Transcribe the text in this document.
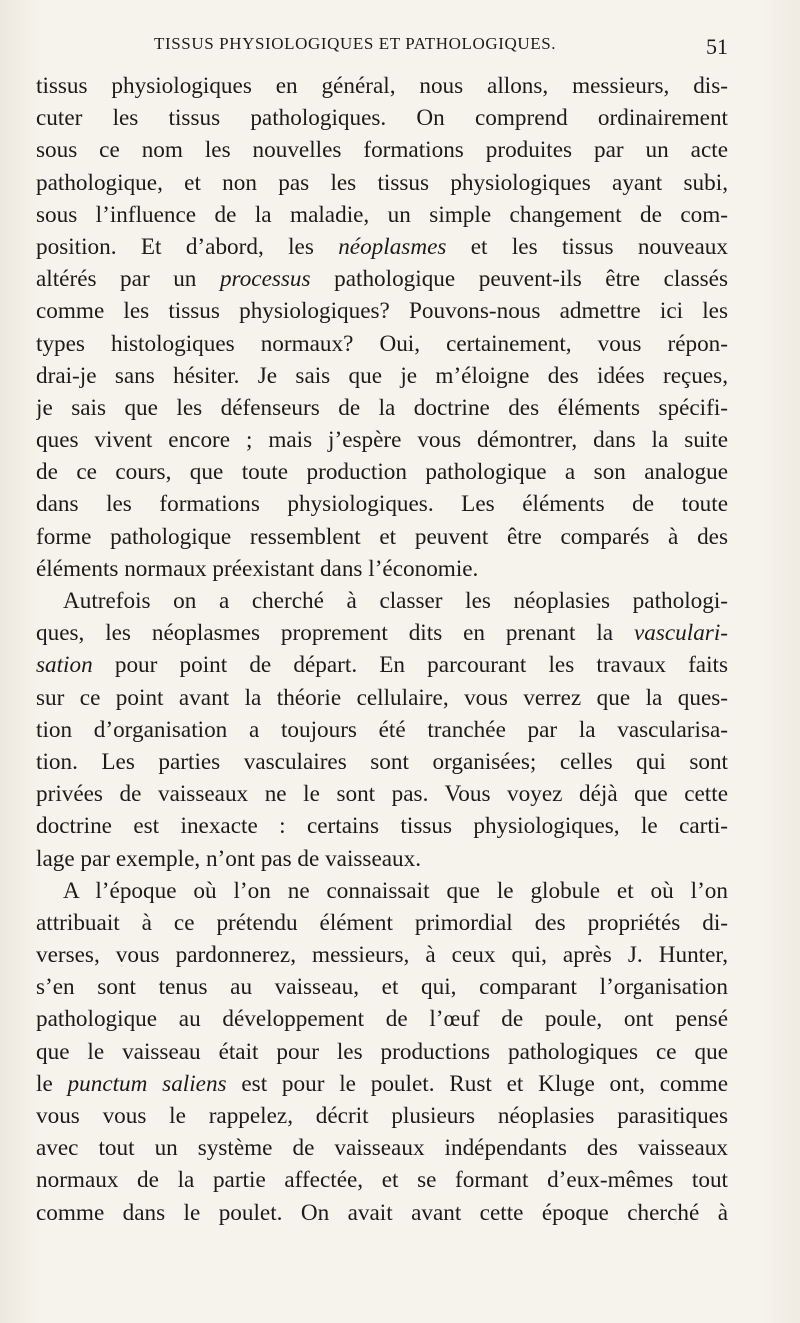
TISSUS PHYSIOLOGIQUES ET PATHOLOGIQUES.	51
tissus physiologiques en général, nous allons, messieurs, dis-
cuter les tissus pathologiques. On comprend ordinairement
sous ce nom les nouvelles formations produites par un acte
pathologique, et non pas les tissus physiologiques ayant subi,
sous l’influence de la maladie, un simple changement de com-
position. Et d’abord, les néoplasmes et les tissus nouveaux
altérés par un processus pathologique peuvent-ils être classés
comme les tissus physiologiques? Pouvons-nous admettre ici les
types histologiques normaux? Oui, certainement, vous répon-
drai-je sans hésiter. Je sais que je m’éloigne des idées reçues,
je sais que les défenseurs de la doctrine des éléments spécifi-
ques vivent encore ; mais j’espère vous démontrer, dans la suite
de ce cours, que toute production pathologique a son analogue
dans les formations physiologiques. Les éléments de toute
forme pathologique ressemblent et peuvent être comparés à des
éléments normaux préexistant dans l’économie.
Autrefois on a cherché à classer les néoplasies pathologi-
ques, les néoplasmes proprement dits en prenant la vasculari-
sation pour point de départ. En parcourant les travaux faits
sur ce point avant la théorie cellulaire, vous verrez que la ques-
tion d’organisation a toujours été tranchée par la vascularisa-
tion. Les parties vasculaires sont organisées; celles qui sont
privées de vaisseaux ne le sont pas. Vous voyez déjà que cette
doctrine est inexacte : certains tissus physiologiques, le carti-
lage par exemple, n’ont pas de vaisseaux.
A l’époque où l’on ne connaissait que le globule et où l’on
attribuait à ce prétendu élément primordial des propriétés di-
verses, vous pardonnerez, messieurs, à ceux qui, après J. Hunter,
s’en sont tenus au vaisseau, et qui, comparant l’organisation
pathologique au développement de l’œuf de poule, ont pensé
que le vaisseau était pour les productions pathologiques ce que
le punctum saliens est pour le poulet. Rust et Kluge ont, comme
vous vous le rappelez, décrit plusieurs néoplasies parasitiques
avec tout un système de vaisseaux indépendants des vaisseaux
normaux de la partie affectée, et se formant d’eux-mêmes tout
comme dans le poulet. On avait avant cette époque cherché à
